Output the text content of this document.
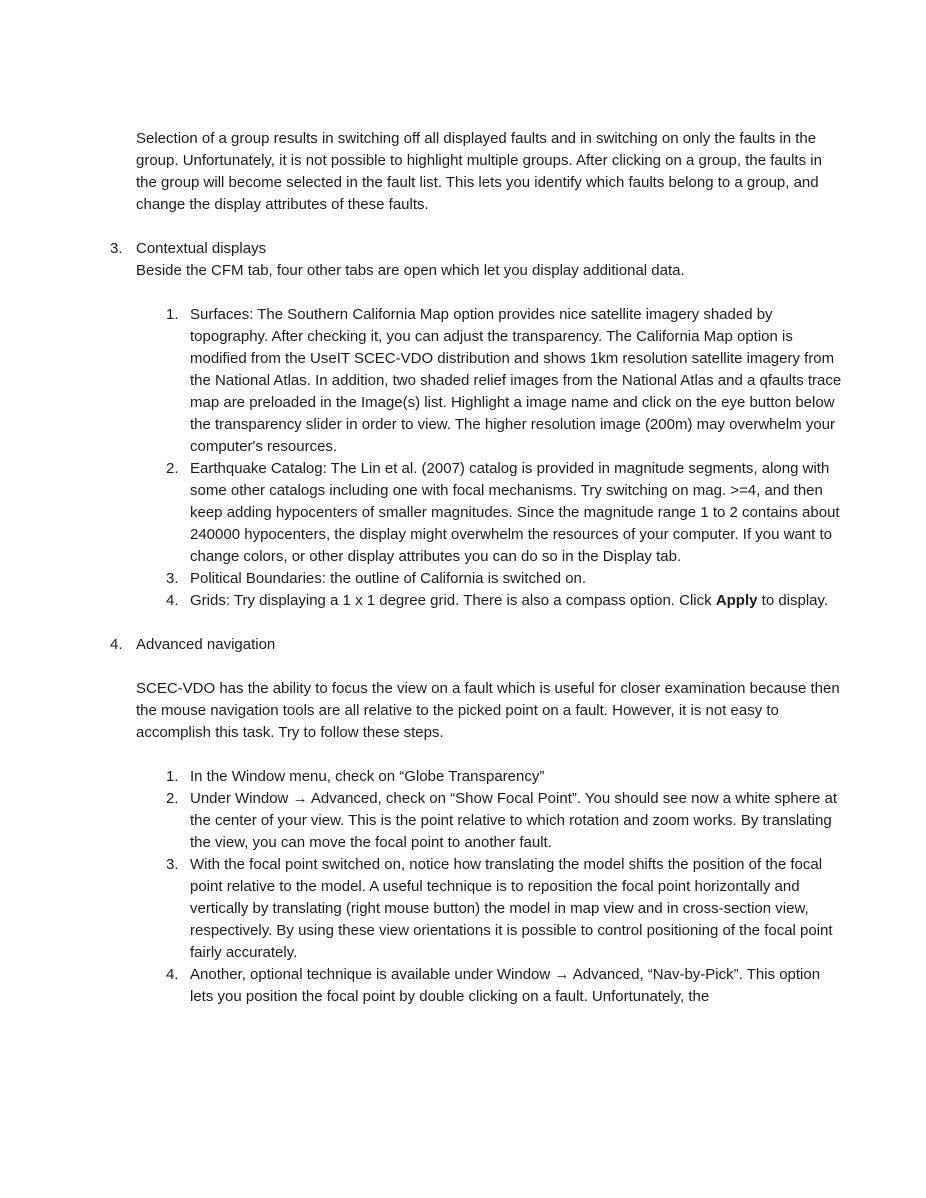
Selection of a group results in switching off all displayed faults and in switching on only the faults in the group. Unfortunately, it is not possible to highlight multiple groups. After clicking on a group, the faults in the group will become selected in the fault list. This lets you identify which faults belong to a group, and change the display attributes of these faults.

3. Contextual displays

Beside the CFM tab, four other tabs are open which let you display additional data.

1. Surfaces: The Southern California Map option provides nice satellite imagery shaded by topography. After checking it, you can adjust the transparency. The California Map option is modified from the UseIT SCEC-VDO distribution and shows 1km resolution satellite imagery from the National Atlas. In addition, two shaded relief images from the National Atlas and a qfaults trace map are preloaded in the Image(s) list. Highlight a image name and click on the eye button below the transparency slider in order to view. The higher resolution image (200m) may overwhelm your computer's resources.
2. Earthquake Catalog: The Lin et al. (2007) catalog is provided in magnitude segments, along with some other catalogs including one with focal mechanisms. Try switching on mag. >=4, and then keep adding hypocenters of smaller magnitudes. Since the magnitude range 1 to 2 contains about 240000 hypocenters, the display might overwhelm the resources of your computer. If you want to change colors, or other display attributes you can do so in the Display tab.
3. Political Boundaries: the outline of California is switched on.
4. Grids: Try displaying a 1 x 1 degree grid. There is also a compass option. Click Apply to display.
4. Advanced navigation

SCEC-VDO has the ability to focus the view on a fault which is useful for closer examination because then the mouse navigation tools are all relative to the picked point on a fault. However, it is not easy to accomplish this task. Try to follow these steps.

1. In the Window menu, check on “Globe Transparency”
2. Under Window → Advanced, check on “Show Focal Point”. You should see now a white sphere at the center of your view. This is the point relative to which rotation and zoom works. By translating the view, you can move the focal point to another fault.
3. With the focal point switched on, notice how translating the model shifts the position of the focal point relative to the model. A useful technique is to reposition the focal point horizontally and vertically by translating (right mouse button) the model in map view and in cross-section view, respectively. By using these view orientations it is possible to control positioning of the focal point fairly accurately.
4. Another, optional technique is available under Window → Advanced, “Nav-by-Pick”. This option lets you position the focal point by double clicking on a fault. Unfortunately, the
